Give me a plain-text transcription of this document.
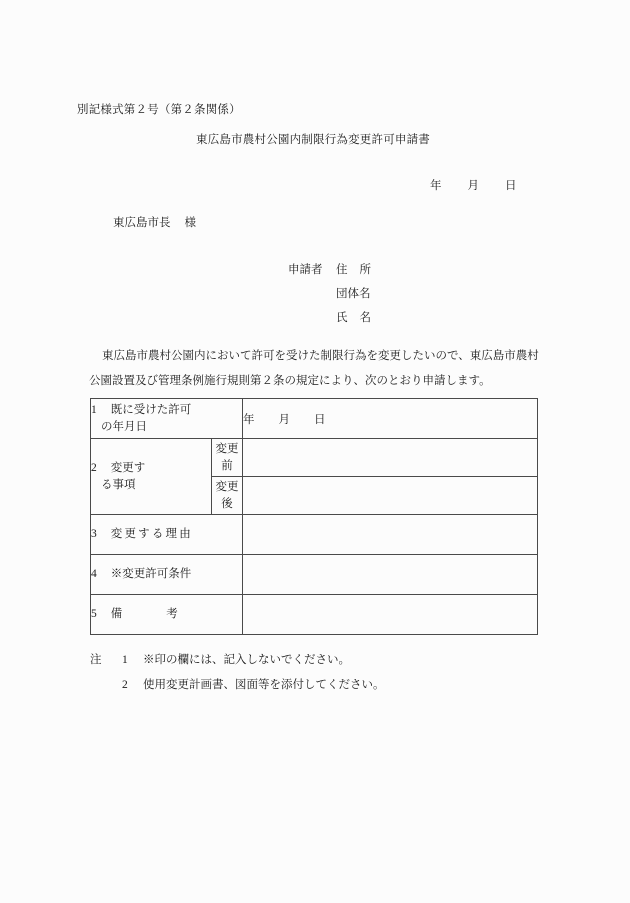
別記様式第２号（第２条関係）
東広島市農村公園内制限行為変更許可申請書
年 月 日
東広島市長 様
申請者 住 所
団体名
氏 名
東広島市農村公園内において許可を受けた制限行為を変更したいので、東広島市農村
公園設置及び管理条例施行規則第２条の規定により、次のとおり申請します。
1 既に受けた許可
の年月日		年 月 日
2 変更す
る事項	変更前	
	変更後	
3 変更する理由		
4 ※変更許可条件		
5 備 考		
注 1 ※印の欄には、記入しないでください。
2 使用変更計画書、図面等を添付してください。
